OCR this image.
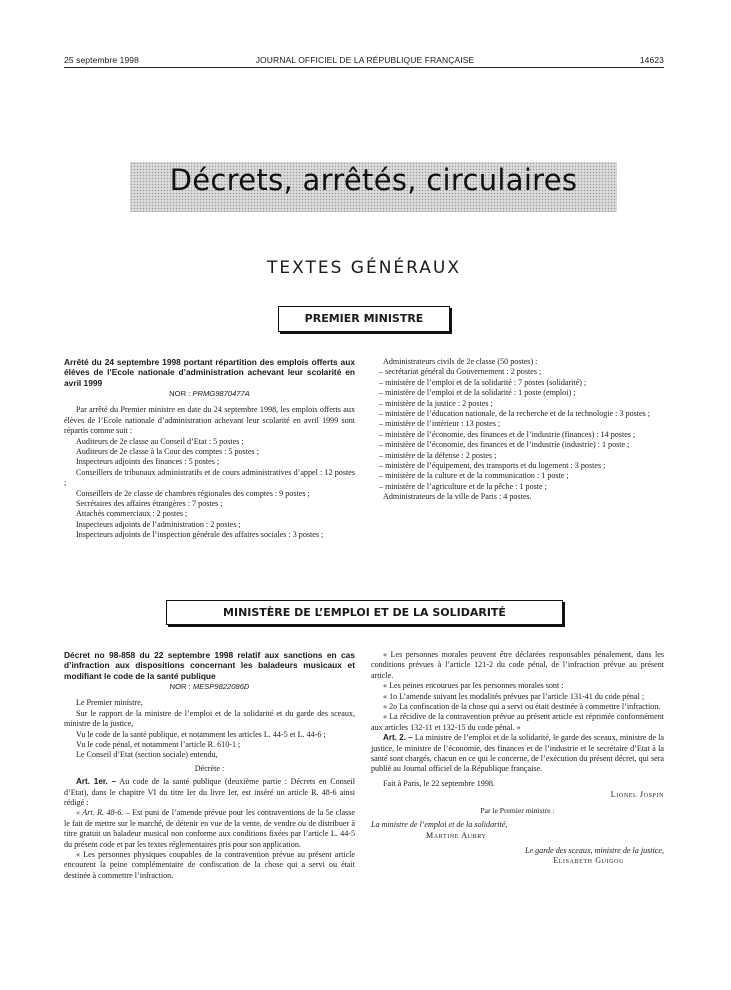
25 septembre 1998	JOURNAL OFFICIEL DE LA RÉPUBLIQUE FRANÇAISE	14623
Décrets, arrêtés, circulaires
TEXTES GÉNÉRAUX
PREMIER MINISTRE

Arrêté du 24 septembre 1998 portant répartition des emplois offerts aux élèves de l’Ecole nationale d’administration achevant leur scolarité en avril 1999

NOR : PRMG9870477A

Par arrêté du Premier ministre en date du 24 septembre 1998, les emplois offerts aux élèves de l’Ecole nationale d’administration achevant leur scolarité en avril 1999 sont répartis comme suit :

Auditeurs de 2e classe au Conseil d’Etat : 5 postes ;

Auditeurs de 2e classe à la Cour des comptes : 5 postes ;

Inspecteurs adjoints des finances : 5 postes ;

Conseillers de tribunaux administratifs et de cours administratives d’appel : 12 postes ;

Conseillers de 2e classe de chambres régionales des comptes : 9 postes ;

Secrétaires des affaires étrangères : 7 postes ;

Attachés commerciaux : 2 postes ;

Inspecteurs adjoints de l’administration : 2 postes ;

Inspecteurs adjoints de l’inspection générale des affaires sociales : 3 postes ;

Administrateurs civils de 2e classe (50 postes) :

– secrétariat général du Gouvernement : 2 postes ;

– ministère de l’emploi et de la solidarité : 7 postes (solidarité) ;

– ministère de l’emploi et de la solidarité : 1 poste (emploi) ;

– ministère de la justice : 2 postes ;

– ministère de l’éducation nationale, de la recherche et de la technologie : 3 postes ;

– ministère de l’intérieur : 13 postes ;

– ministère de l’économie, des finances et de l’industrie (finances) : 14 postes ;

– ministère de l’économie, des finances et de l’industrie (industrie) : 1 poste ;

– ministère de la défense : 2 postes ;

– ministère de l’équipement, des transports et du logement : 3 postes ;

– ministère de la culture et de la communication : 1 poste ;

– ministère de l’agriculture et de la pêche : 1 poste ;

Administrateurs de la ville de Paris : 4 postes.

MINISTÈRE DE L’EMPLOI ET DE LA SOLIDARITÉ

Décret no 98-858 du 22 septembre 1998 relatif aux sanctions en cas d’infraction aux dispositions concernant les baladeurs musicaux et modifiant le code de la santé publique

NOR : MESP9822086D

Le Premier ministre,

Sur le rapport de la ministre de l’emploi et de la solidarité et du garde des sceaux, ministre de la justice,

Vu le code de la santé publique, et notamment les articles L. 44-5 et L. 44-6 ;

Vu le code pénal, et notamment l’article R. 610-1 ;

Le Conseil d’Etat (section sociale) entendu,

Décrète :

Art. 1er. – Au code de la santé publique (deuxième partie : Décrets en Conseil d’Etat), dans le chapitre VI du titre Ier du livre Ier, est inséré un article R. 48-6 ainsi rédigé :

« Art. R. 48-6. – Est puni de l’amende prévue pour les contraventions de la 5e classe le fait de mettre sur le marché, de détenir en vue de la vente, de vendre ou de distribuer à titre gratuit un baladeur musical non conforme aux conditions fixées par l’article L. 44-5 du présent code et par les textes réglementaires pris pour son application.

« Les personnes physiques coupables de la contravention prévue au présent article encourent la peine complémentaire de confiscation de la chose qui a servi ou était destinée à commettre l’infraction.

« Les personnes morales peuvent être déclarées responsables pénalement, dans les conditions prévues à l’article 121-2 du code pénal, de l’infraction prévue au présent article.

« Les peines encourues par les personnes morales sont :

« 1o L’amende suivant les modalités prévues par l’article 131-41 du code pénal ;

« 2o La confiscation de la chose qui a servi ou était destinée à commettre l’infraction.

« La récidive de la contravention prévue au présent article est réprimée conformément aux articles 132-11 et 132-15 du code pénal. »

Art. 2. – La ministre de l’emploi et de la solidarité, le garde des sceaux, ministre de la justice, le ministre de l’économie, des finances et de l’industrie et le secrétaire d’Etat à la santé sont chargés, chacun en ce qui le concerne, de l’exécution du présent décret, qui sera publié au Journal officiel de la République française.

Fait à Paris, le 22 septembre 1998.

Lionel Jospin
Par le Premier ministre :
La ministre de l’emploi et de la solidarité,
Martine Aubry
Le garde des sceaux, ministre de la justice,
Elisabeth Guigou
